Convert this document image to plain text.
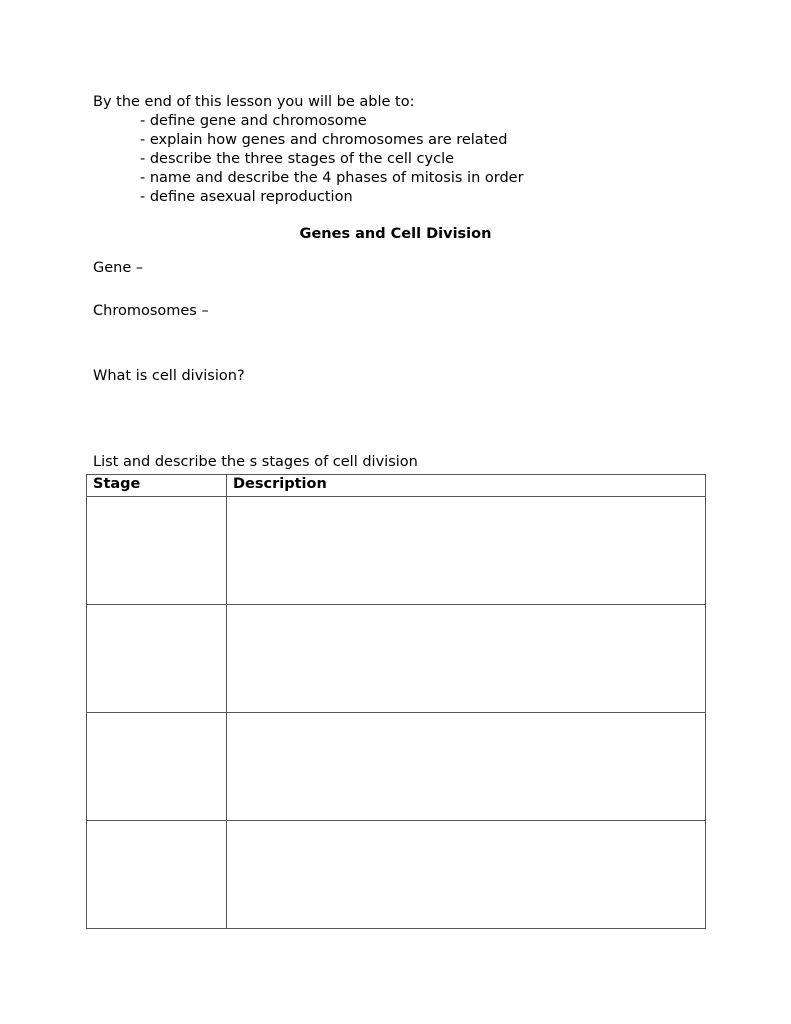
By the end of this lesson you will be able to:
- define gene and chromosome
- explain how genes and chromosomes are related
- describe the three stages of the cell cycle
- name and describe the 4 phases of mitosis in order
- define asexual reproduction
Genes and Cell Division
Gene –
Chromosomes –
What is cell division?
List and describe the s stages of cell division
Stage	Description
